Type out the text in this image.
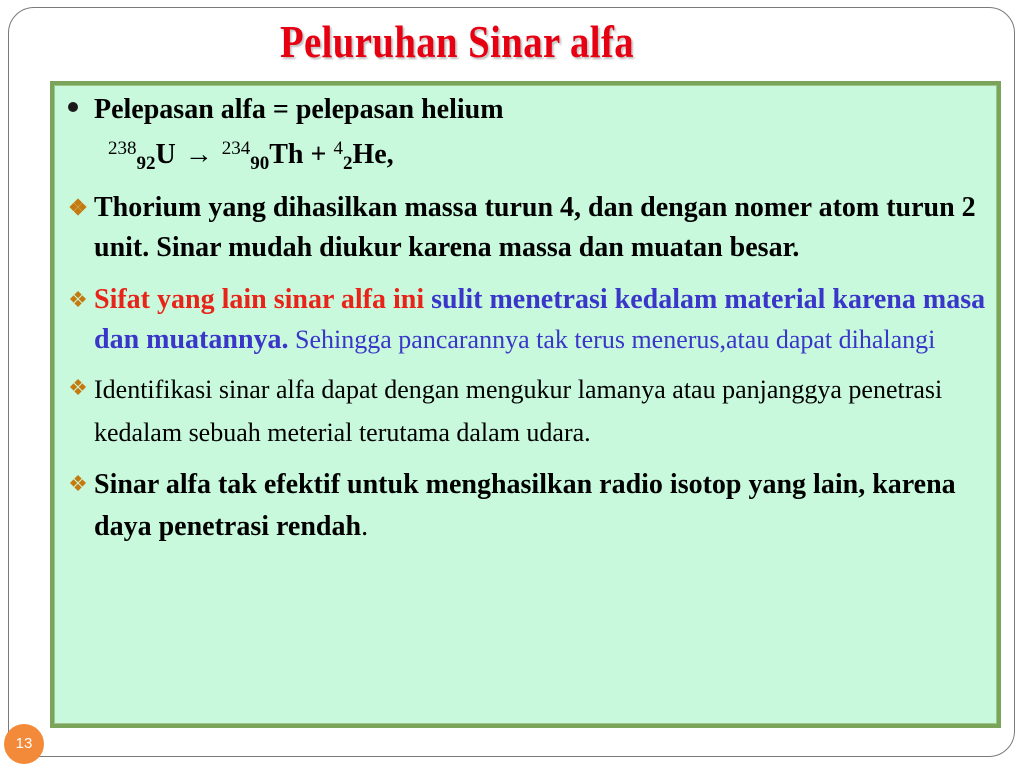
Peluruhan Sinar alfa
Pelepasan alfa = pelepasan helium
$^{238}_{92}$U → $^{234}_{90}$Th + $^4_2$He,
❖ Thorium yang dihasilkan massa turun 4, dan dengan nomer atom turun 2 unit. Sinar mudah diukur karena massa dan muatan besar.
❖ Sifat yang lain sinar alfa ini sulit menetrasi kedalam material karena masa dan muatannya. Sehingga pancarannya tak terus menerus,atau dapat dihalangi
❖ Identifikasi sinar alfa dapat dengan mengukur lamanya atau panjanggya penetrasi kedalam sebuah meterial terutama dalam udara.
❖ Sinar alfa tak efektif untuk menghasilkan radio isotop yang lain, karena daya penetrasi rendah.
13
